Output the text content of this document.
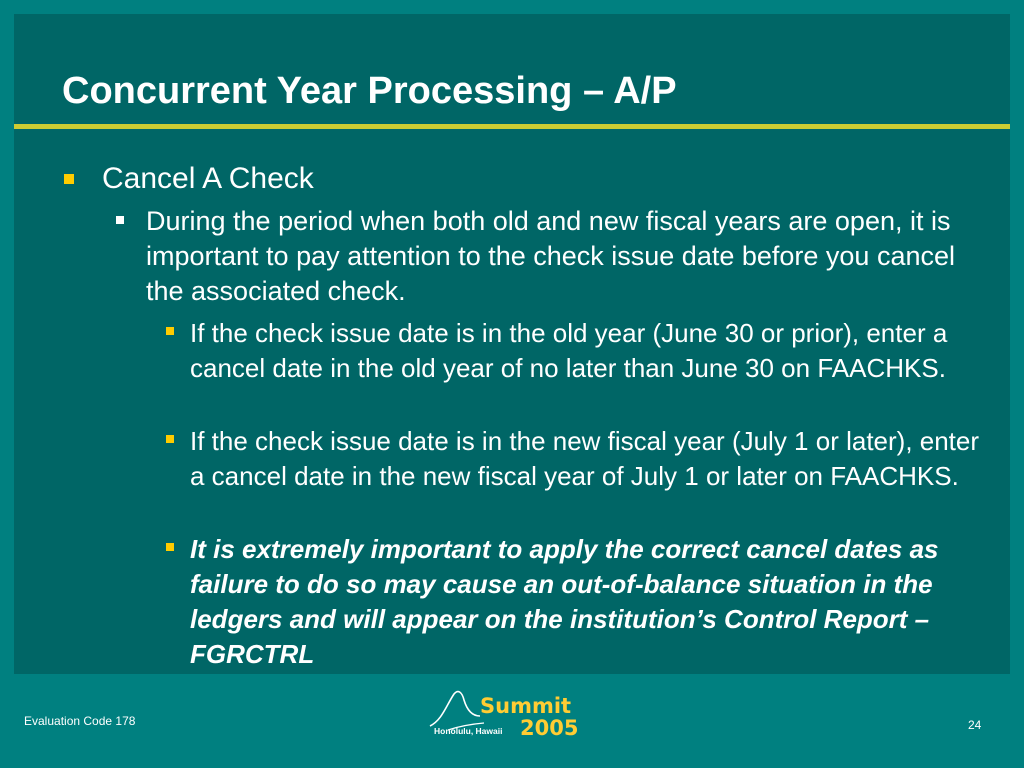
Concurrent Year Processing – A/P
Cancel A Check
During the period when both old and new fiscal years are open, it is important to pay attention to the check issue date before you cancel the associated check.
If the check issue date is in the old year (June 30 or prior), enter a cancel date in the old year of no later than June 30 on FAACHKS.
If the check issue date is in the new fiscal year (July 1 or later), enter a cancel date in the new fiscal year of July 1 or later on FAACHKS.
It is extremely important to apply the correct cancel dates as failure to do so may cause an out-of-balance situation in the ledgers and will appear on the institution’s Control Report – FGRCTRL
Evaluation Code 178
Summit
2005
Honolulu, Hawaii	24
